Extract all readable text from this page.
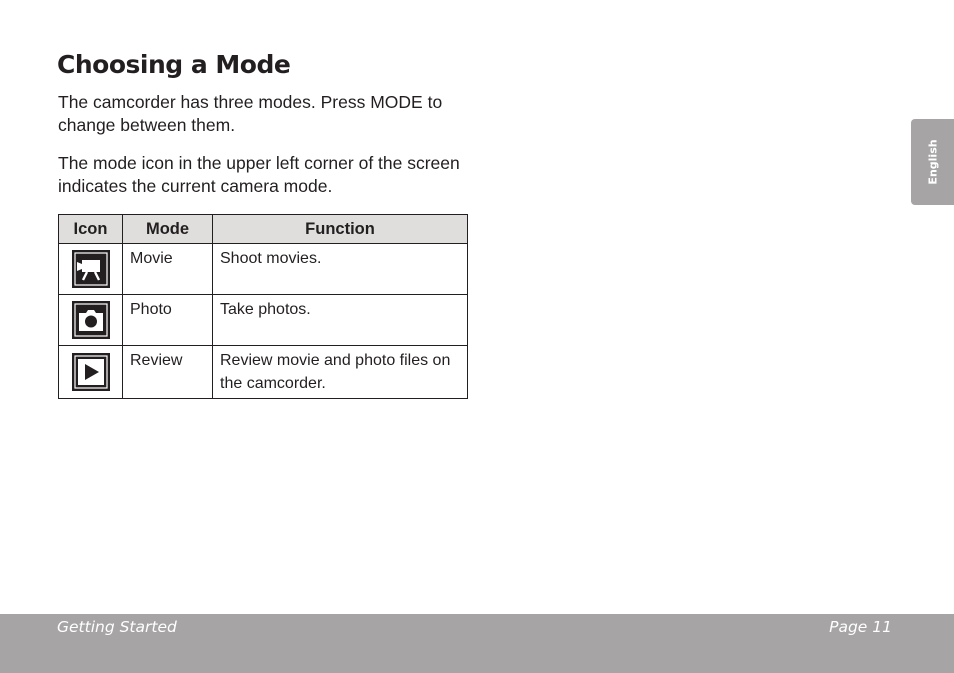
Choosing a Mode

The camcorder has three modes. Press MODE to change between them.

The mode icon in the upper left corner of the screen indicates the current camera mode.

Icon	Mode	Function
	Movie	Shoot movies.
	Photo	Take photos.
	Review	Review movie and photo files on the camcorder.
English
Getting Started	Page 11
